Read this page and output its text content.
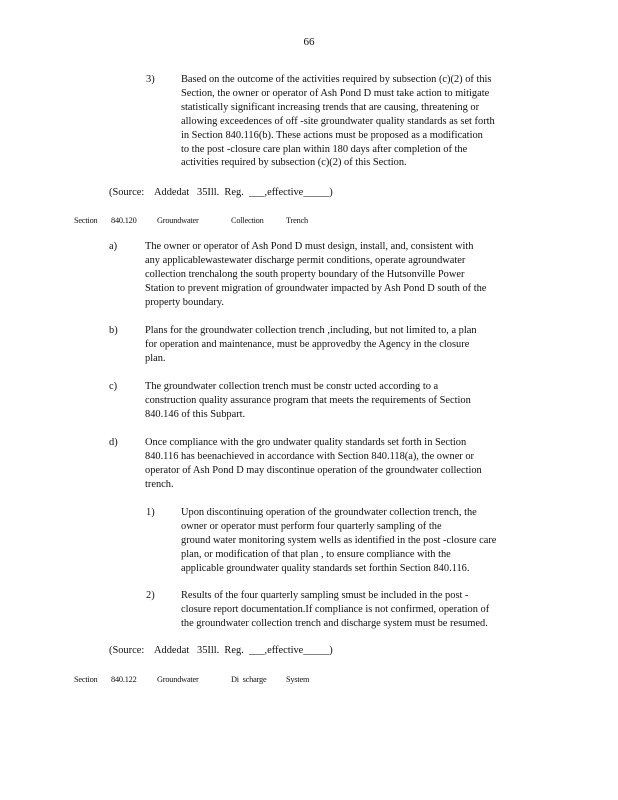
66
3)	Based on the outcome of the activities required by subsection (c)(2) of this
Section, the owner or operator of Ash Pond D must take action to mitigate
statistically significant increasing trends that are causing, threatening or
allowing exceedences of off -site groundwater quality standards as set forth
in Section 840.116(b). These actions must be proposed as a modification
to the post -closure care plan within 180 days after completion of the
activities required by subsection (c)(2) of this Section.
(Source:    Addedat   35Ill.  Reg.  ___,effective_____)
Section	840.120	Groundwater	Collection	Trench
a)	The owner or operator of Ash Pond D must design, install, and, consistent with
any applicablewastewater discharge permit conditions, operate agroundwater
collection trenchalong the south property boundary of the Hutsonville Power
Station to prevent migration of groundwater impacted by Ash Pond D south of the
property boundary.
b)	Plans for the groundwater collection trench ,including, but not limited to, a plan
for operation and maintenance, must be approvedby the Agency in the closure
plan.
c)	The groundwater collection trench must be constr ucted according to a
construction quality assurance program that meets the requirements of Section
840.146 of this Subpart.
d)	Once compliance with the gro undwater quality standards set forth in Section
840.116 has beenachieved in accordance with Section 840.118(a), the owner or
operator of Ash Pond D may discontinue operation of the groundwater collection
trench.
1)	Upon discontinuing operation of the groundwater collection trench, the
owner or operator must perform four quarterly sampling of the
ground water monitoring system wells as identified in the post -closure care
plan, or modification of that plan , to ensure compliance with the
applicable groundwater quality standards set forthin Section 840.116.
2)	Results of the four quarterly sampling smust be included in the post -
closure report documentation.If compliance is not confirmed, operation of
the groundwater collection trench and discharge system must be resumed.
(Source:    Addedat   35Ill.  Reg.  ___,effective_____)
Section	840.122	Groundwater	Di  scharge	System
